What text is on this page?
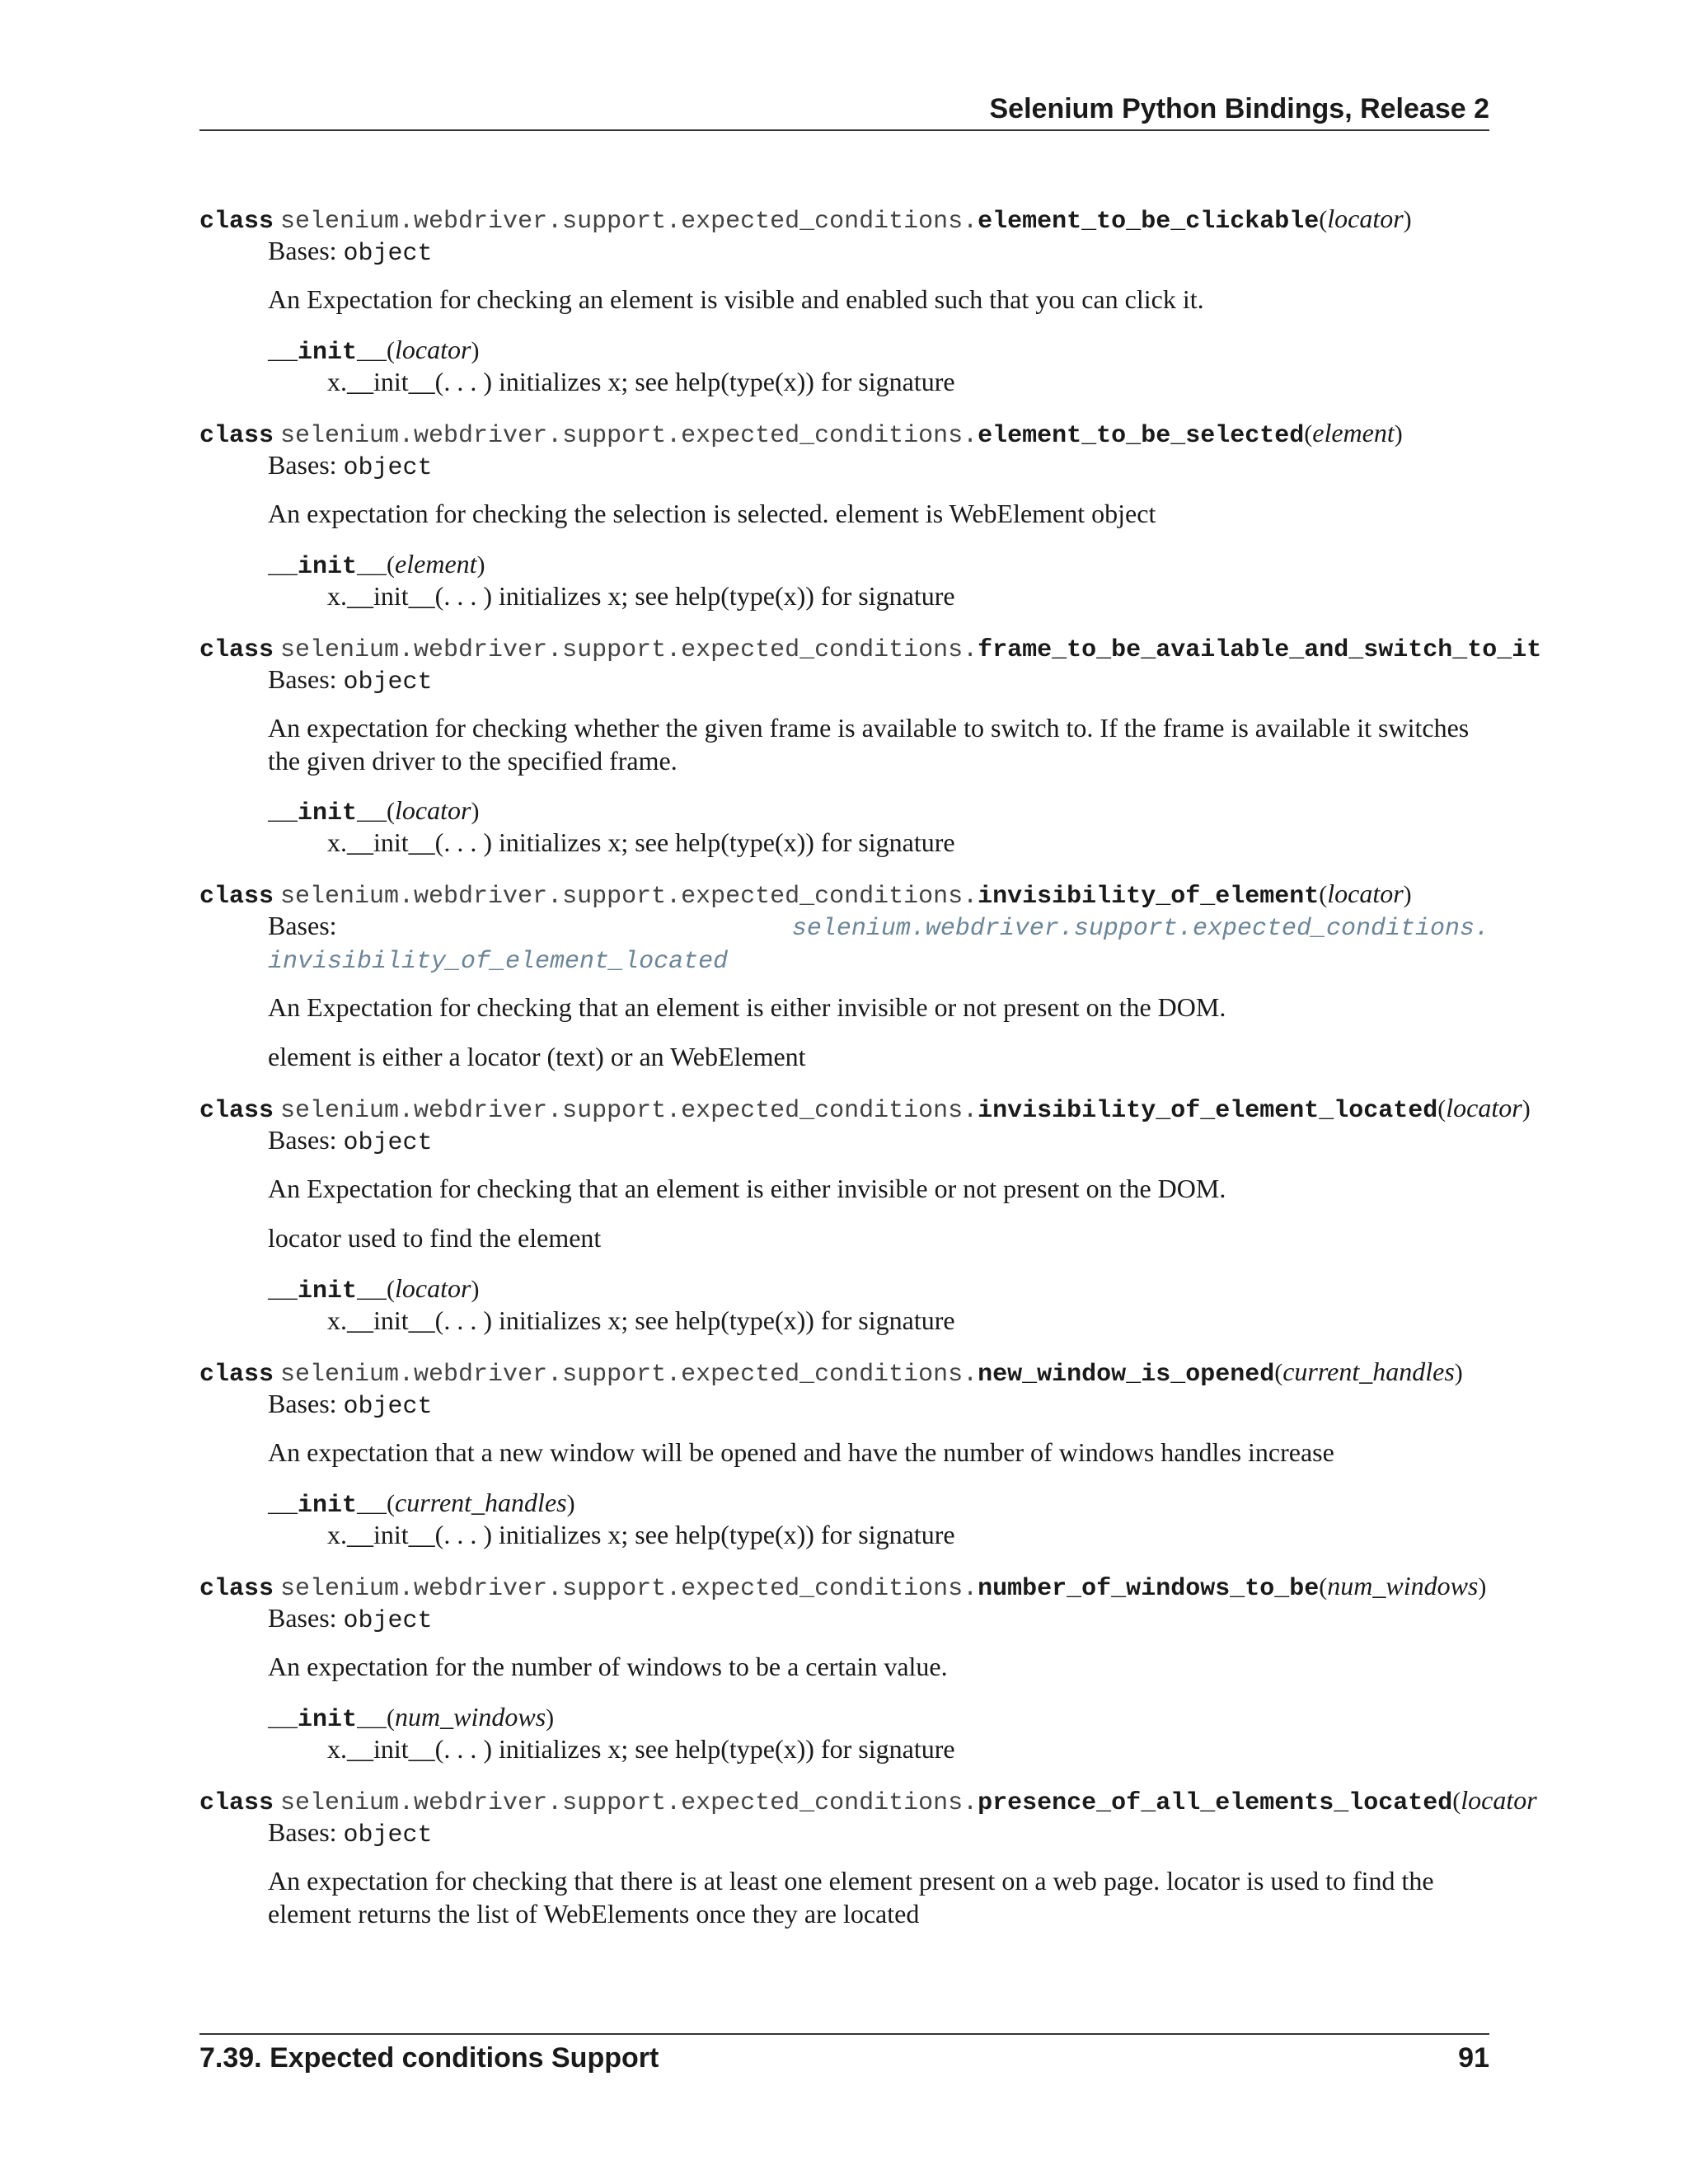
Selenium Python Bindings, Release 2
class selenium.webdriver.support.expected_conditions.element_to_be_clickable(locator)
Bases: object
An Expectation for checking an element is visible and enabled such that you can click it.
__init__(locator)
x.__init__(. . . ) initializes x; see help(type(x)) for signature
class selenium.webdriver.support.expected_conditions.element_to_be_selected(element)
Bases: object
An expectation for checking the selection is selected. element is WebElement object
__init__(element)
x.__init__(. . . ) initializes x; see help(type(x)) for signature
class selenium.webdriver.support.expected_conditions.frame_to_be_available_and_switch_to_it
Bases: object
An expectation for checking whether the given frame is available to switch to. If the frame is available it switches
the given driver to the specified frame.
__init__(locator)
x.__init__(. . . ) initializes x; see help(type(x)) for signature
class selenium.webdriver.support.expected_conditions.invisibility_of_element(locator)
Bases:	selenium.webdriver.support.expected_conditions.
invisibility_of_element_located
An Expectation for checking that an element is either invisible or not present on the DOM.
element is either a locator (text) or an WebElement
class selenium.webdriver.support.expected_conditions.invisibility_of_element_located(locator)
Bases: object
An Expectation for checking that an element is either invisible or not present on the DOM.
locator used to find the element
__init__(locator)
x.__init__(. . . ) initializes x; see help(type(x)) for signature
class selenium.webdriver.support.expected_conditions.new_window_is_opened(current_handles)
Bases: object
An expectation that a new window will be opened and have the number of windows handles increase
__init__(current_handles)
x.__init__(. . . ) initializes x; see help(type(x)) for signature
class selenium.webdriver.support.expected_conditions.number_of_windows_to_be(num_windows)
Bases: object
An expectation for the number of windows to be a certain value.
__init__(num_windows)
x.__init__(. . . ) initializes x; see help(type(x)) for signature
class selenium.webdriver.support.expected_conditions.presence_of_all_elements_located(locator
Bases: object
An expectation for checking that there is at least one element present on a web page. locator is used to find the
element returns the list of WebElements once they are located
7.39. Expected conditions Support	91
